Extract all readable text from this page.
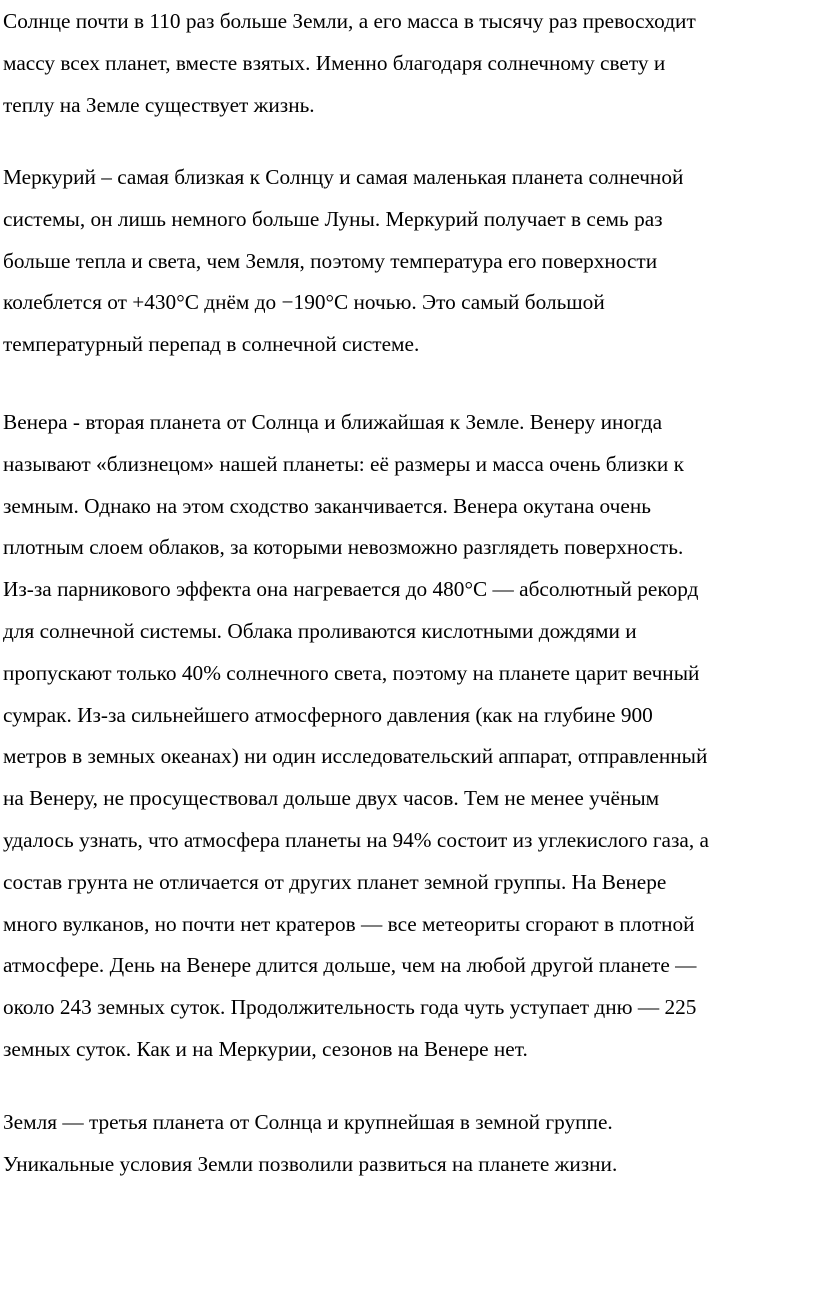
Солнце почти в 110 раз больше Земли, а его масса в тысячу раз превосходит
массу всех планет, вместе взятых. Именно благодаря солнечному свету и
теплу на Земле существует жизнь.
Меркурий – самая близкая к Солнцу и самая маленькая планета солнечной
системы, он лишь немного больше Луны. Меркурий получает в семь раз
больше тепла и света, чем Земля, поэтому температура его поверхности
колеблется от +430°С днём до −190°С ночью. Это самый большой
температурный перепад в солнечной системе.
Венера - вторая планета от Солнца и ближайшая к Земле. Венеру иногда
называют «близнецом» нашей планеты: её размеры и масса очень близки к
земным. Однако на этом сходство заканчивается. Венера окутана очень
плотным слоем облаков, за которыми невозможно разглядеть поверхность.
Из-за парникового эффекта она нагревается до 480°С — абсолютный рекорд
для солнечной системы. Облака проливаются кислотными дождями и
пропускают только 40% солнечного света, поэтому на планете царит вечный
сумрак. Из-за сильнейшего атмосферного давления (как на глубине 900
метров в земных океанах) ни один исследовательский аппарат, отправленный
на Венеру, не просуществовал дольше двух часов. Тем не менее учёным
удалось узнать, что атмосфера планеты на 94% состоит из углекислого газа, а
состав грунта не отличается от других планет земной группы. На Венере
много вулканов, но почти нет кратеров — все метеориты сгорают в плотной
атмосфере. День на Венере длится дольше, чем на любой другой планете —
около 243 земных суток. Продолжительность года чуть уступает дню — 225
земных суток. Как и на Меркурии, сезонов на Венере нет.
Земля — третья планета от Солнца и крупнейшая в земной группе.
Уникальные условия Земли позволили развиться на планете жизни.
